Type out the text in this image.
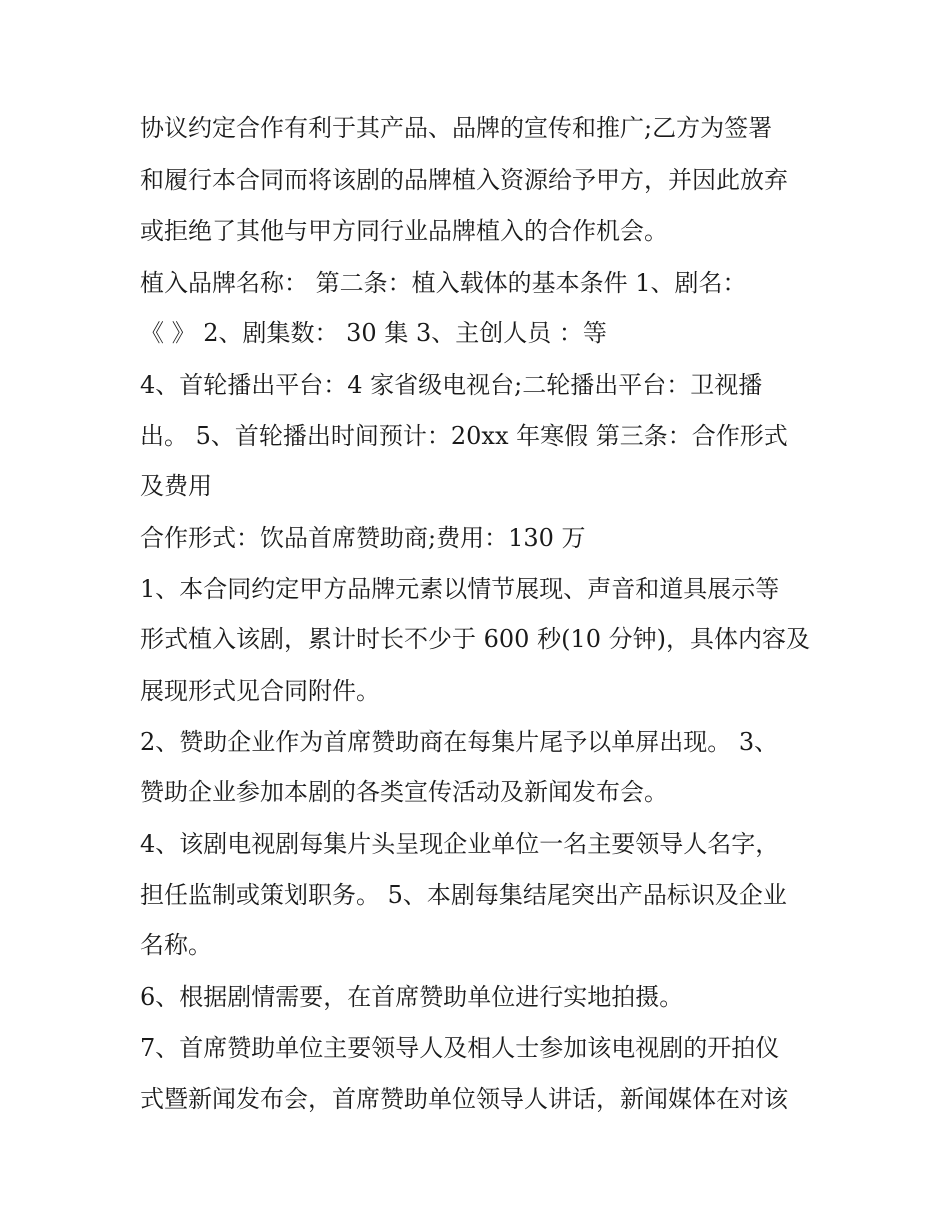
协议约定合作有利于其产品、品牌的宣传和推广;乙方为签署
和履行本合同而将该剧的品牌植入资源给予甲方，并因此放弃
或拒绝了其他与甲方同行业品牌植入的合作机会。
植入品牌名称： 第二条：植入载体的基本条件 1、剧名：
《 》 2、剧集数： 30 集 3、主创人员 ：等
4、首轮播出平台：4 家省级电视台;二轮播出平台：卫视播
出。 5、首轮播出时间预计：20xx 年寒假 第三条：合作形式
及费用
合作形式：饮品首席赞助商;费用：130 万
1、本合同约定甲方品牌元素以情节展现、声音和道具展示等
形式植入该剧，累计时长不少于 600 秒(10 分钟)，具体内容及
展现形式见合同附件。
2、赞助企业作为首席赞助商在每集片尾予以单屏出现。 3、
赞助企业参加本剧的各类宣传活动及新闻发布会。
4、该剧电视剧每集片头呈现企业单位一名主要领导人名字，
担任监制或策划职务。 5、本剧每集结尾突出产品标识及企业
名称。
6、根据剧情需要，在首席赞助单位进行实地拍摄。
7、首席赞助单位主要领导人及相人士参加该电视剧的开拍仪
式暨新闻发布会，首席赞助单位领导人讲话，新闻媒体在对该
